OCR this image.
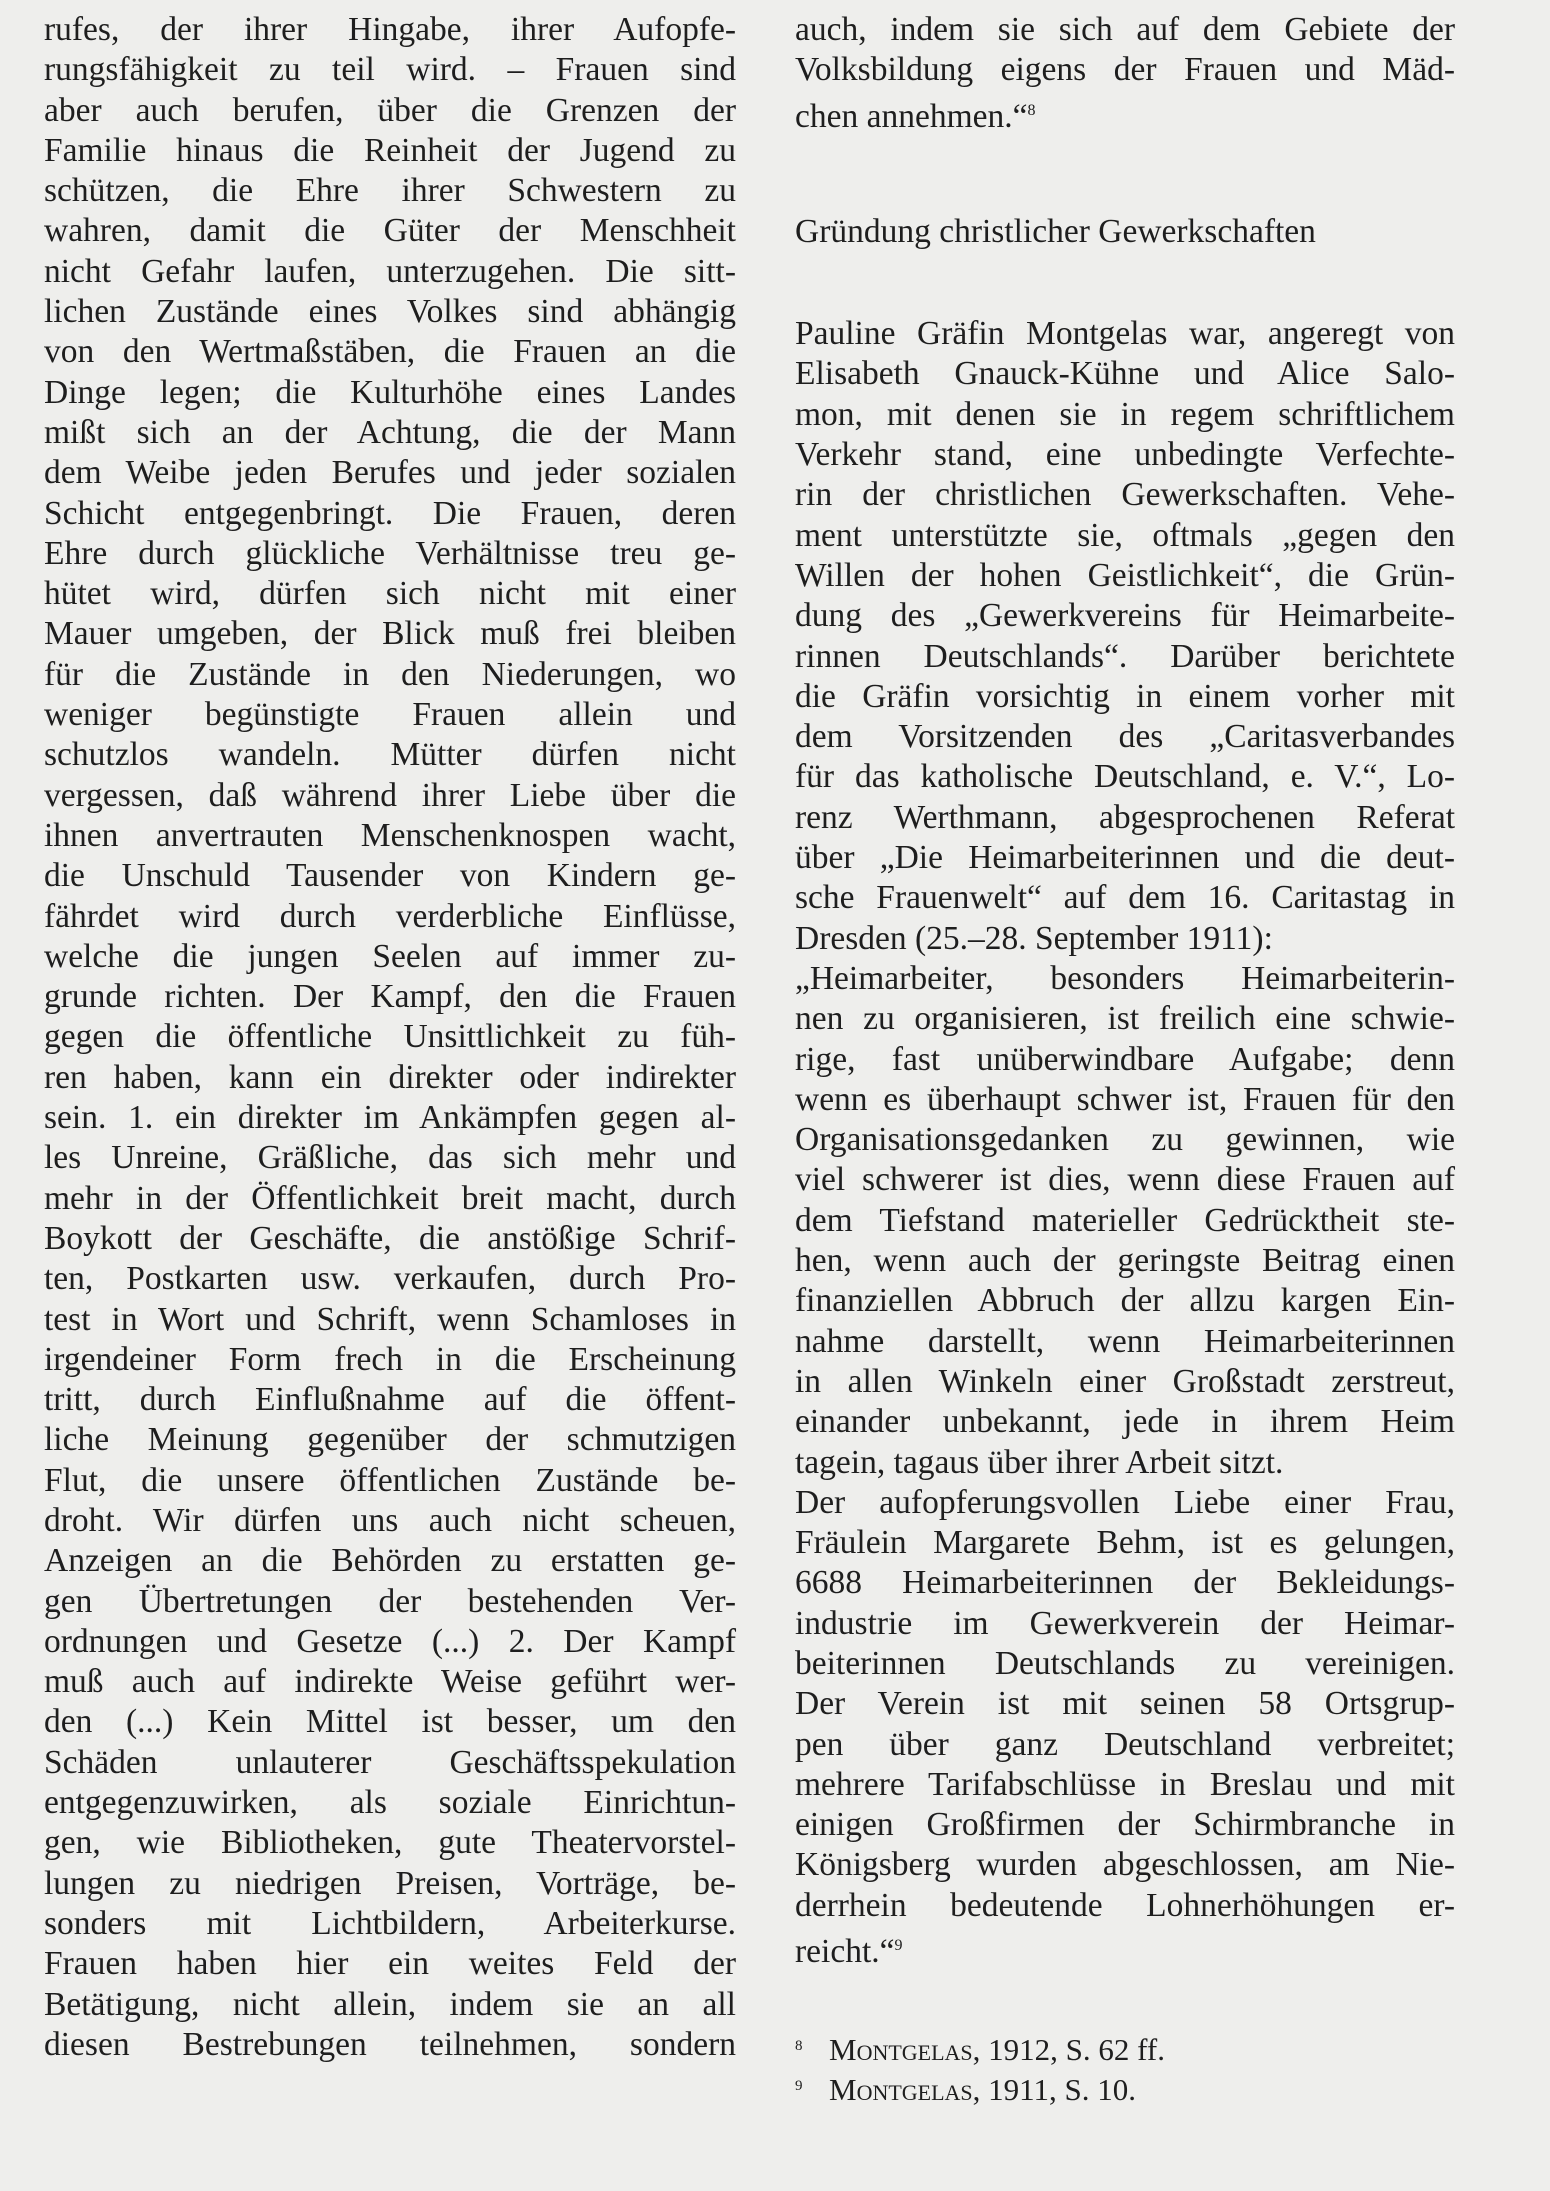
rufes, der ihrer Hingabe, ihrer Aufopfe-
rungsfähigkeit zu teil wird. – Frauen sind
aber auch berufen, über die Grenzen der
Familie hinaus die Reinheit der Jugend zu
schützen, die Ehre ihrer Schwestern zu
wahren, damit die Güter der Menschheit
nicht Gefahr laufen, unterzugehen. Die sitt-
lichen Zustände eines Volkes sind abhängig
von den Wertmaßstäben, die Frauen an die
Dinge legen; die Kulturhöhe eines Landes
mißt sich an der Achtung, die der Mann
dem Weibe jeden Berufes und jeder sozialen
Schicht entgegenbringt. Die Frauen, deren
Ehre durch glückliche Verhältnisse treu ge-
hütet wird, dürfen sich nicht mit einer
Mauer umgeben, der Blick muß frei bleiben
für die Zustände in den Niederungen, wo
weniger begünstigte Frauen allein und
schutzlos wandeln. Mütter dürfen nicht
vergessen, daß während ihrer Liebe über die
ihnen anvertrauten Menschenknospen wacht,
die Unschuld Tausender von Kindern ge-
fährdet wird durch verderbliche Einflüsse,
welche die jungen Seelen auf immer zu-
grunde richten. Der Kampf, den die Frauen
gegen die öffentliche Unsittlichkeit zu füh-
ren haben, kann ein direkter oder indirekter
sein. 1. ein direkter im Ankämpfen gegen al-
les Unreine, Gräßliche, das sich mehr und
mehr in der Öffentlichkeit breit macht, durch
Boykott der Geschäfte, die anstößige Schrif-
ten, Postkarten usw. verkaufen, durch Pro-
test in Wort und Schrift, wenn Schamloses in
irgendeiner Form frech in die Erscheinung
tritt, durch Einflußnahme auf die öffent-
liche Meinung gegenüber der schmutzigen
Flut, die unsere öffentlichen Zustände be-
droht. Wir dürfen uns auch nicht scheuen,
Anzeigen an die Behörden zu erstatten ge-
gen Übertretungen der bestehenden Ver-
ordnungen und Gesetze (...) 2. Der Kampf
muß auch auf indirekte Weise geführt wer-
den (...) Kein Mittel ist besser, um den
Schäden unlauterer Geschäftsspekulation
entgegenzuwirken, als soziale Einrichtun-
gen, wie Bibliotheken, gute Theatervorstel-
lungen zu niedrigen Preisen, Vorträge, be-
sonders mit Lichtbildern, Arbeiterkurse.
Frauen haben hier ein weites Feld der
Betätigung, nicht allein, indem sie an all
diesen Bestrebungen teilnehmen, sondern
auch, indem sie sich auf dem Gebiete der
Volksbildung eigens der Frauen und Mäd-
chen annehmen.“$^8$
Gründung christlicher Gewerkschaften
Pauline Gräfin Montgelas war, angeregt von
Elisabeth Gnauck-Kühne und Alice Salo-
mon, mit denen sie in regem schriftlichem
Verkehr stand, eine unbedingte Verfechte-
rin der christlichen Gewerkschaften. Vehe-
ment unterstützte sie, oftmals „gegen den
Willen der hohen Geistlichkeit“, die Grün-
dung des „Gewerkvereins für Heimarbeite-
rinnen Deutschlands“. Darüber berichtete
die Gräfin vorsichtig in einem vorher mit
dem Vorsitzenden des „Caritasverbandes
für das katholische Deutschland, e. V.“, Lo-
renz Werthmann, abgesprochenen Referat
über „Die Heimarbeiterinnen und die deut-
sche Frauenwelt“ auf dem 16. Caritastag in
Dresden (25.–28. September 1911):
„Heimarbeiter, besonders Heimarbeiterin-
nen zu organisieren, ist freilich eine schwie-
rige, fast unüberwindbare Aufgabe; denn
wenn es überhaupt schwer ist, Frauen für den
Organisationsgedanken zu gewinnen, wie
viel schwerer ist dies, wenn diese Frauen auf
dem Tiefstand materieller Gedrücktheit ste-
hen, wenn auch der geringste Beitrag einen
finanziellen Abbruch der allzu kargen Ein-
nahme darstellt, wenn Heimarbeiterinnen
in allen Winkeln einer Großstadt zerstreut,
einander unbekannt, jede in ihrem Heim
tagein, tagaus über ihrer Arbeit sitzt.
Der aufopferungsvollen Liebe einer Frau,
Fräulein Margarete Behm, ist es gelungen,
6688 Heimarbeiterinnen der Bekleidungs-
industrie im Gewerkverein der Heimar-
beiterinnen Deutschlands zu vereinigen.
Der Verein ist mit seinen 58 Ortsgrup-
pen über ganz Deutschland verbreitet;
mehrere Tarifabschlüsse in Breslau und mit
einigen Großfirmen der Schirmbranche in
Königsberg wurden abgeschlossen, am Nie-
derrhein bedeutende Lohnerhöhungen er-
reicht.“$^9$
8 Montgelas, 1912, S. 62 ff.
9 Montgelas, 1911, S. 10.
